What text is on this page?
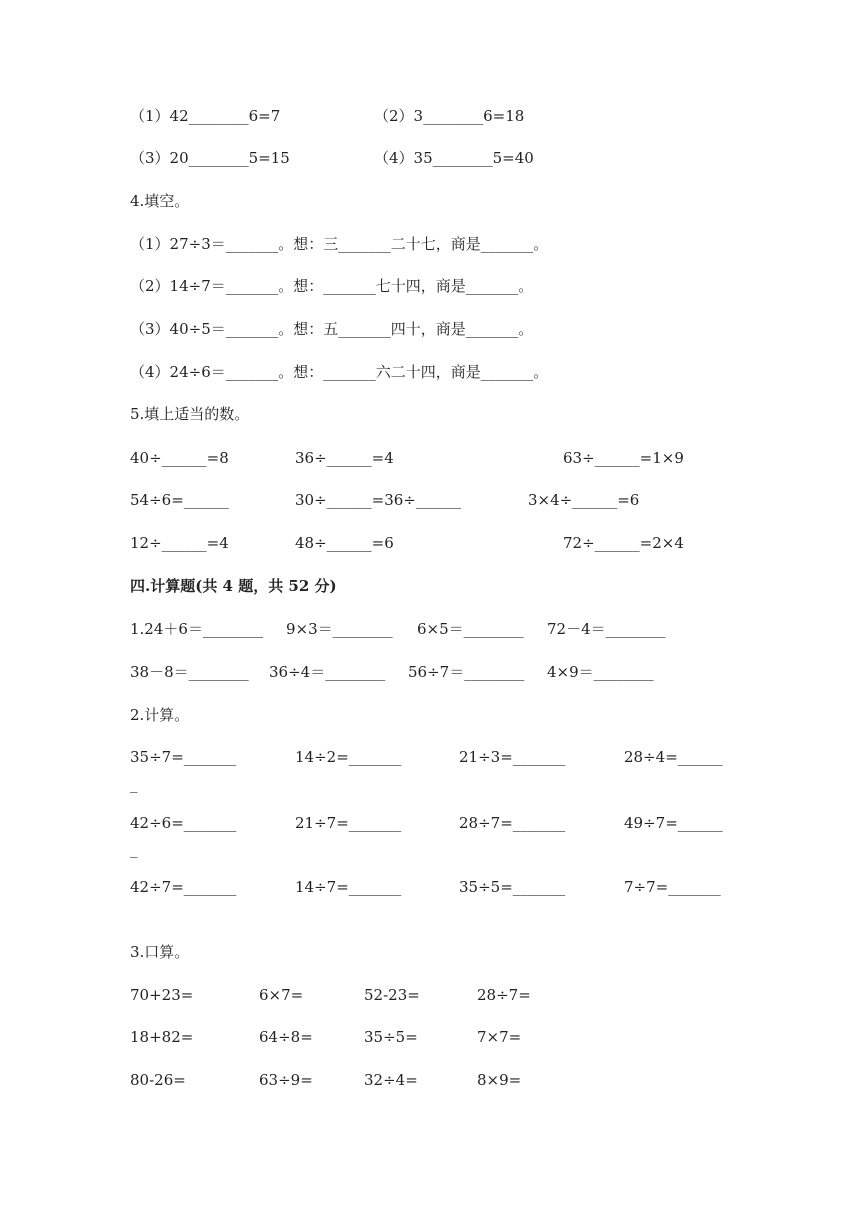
（1）42________6=7	（2）3________6=18
（3）20________5=15	（4）35________5=40
4.填空。
（1）27÷3＝_______。想：三_______二十七，商是_______。
（2）14÷7＝_______。想：_______七十四，商是_______。
（3）40÷5＝_______。想：五_______四十，商是_______。
（4）24÷6＝_______。想：_______六二十四，商是_______。
5.填上适当的数。
40÷______=8	36÷______=4	63÷______=1×9
54÷6=______	30÷______=36÷______	3×4÷______=6
12÷______=4	48÷______=6	72÷______=2×4
四.计算题(共 4 题，共 52 分)
1.24＋6＝________ 9×3＝________ 6×5＝________ 72－4＝________
38－8＝________ 36÷4＝________ 56÷7＝________ 4×9＝________
2.计算。
35÷7=_______	14÷2=_______	21÷3=_______	28÷4=______
_
42÷6=_______	21÷7=_______	28÷7=_______	49÷7=______
_
42÷7=_______	14÷7=_______	35÷5=_______	7÷7=_______
3.口算。
70+23=	6×7=	52-23=	28÷7=
18+82=	64÷8=	35÷5=	7×7=
80-26=	63÷9=	32÷4=	8×9=
